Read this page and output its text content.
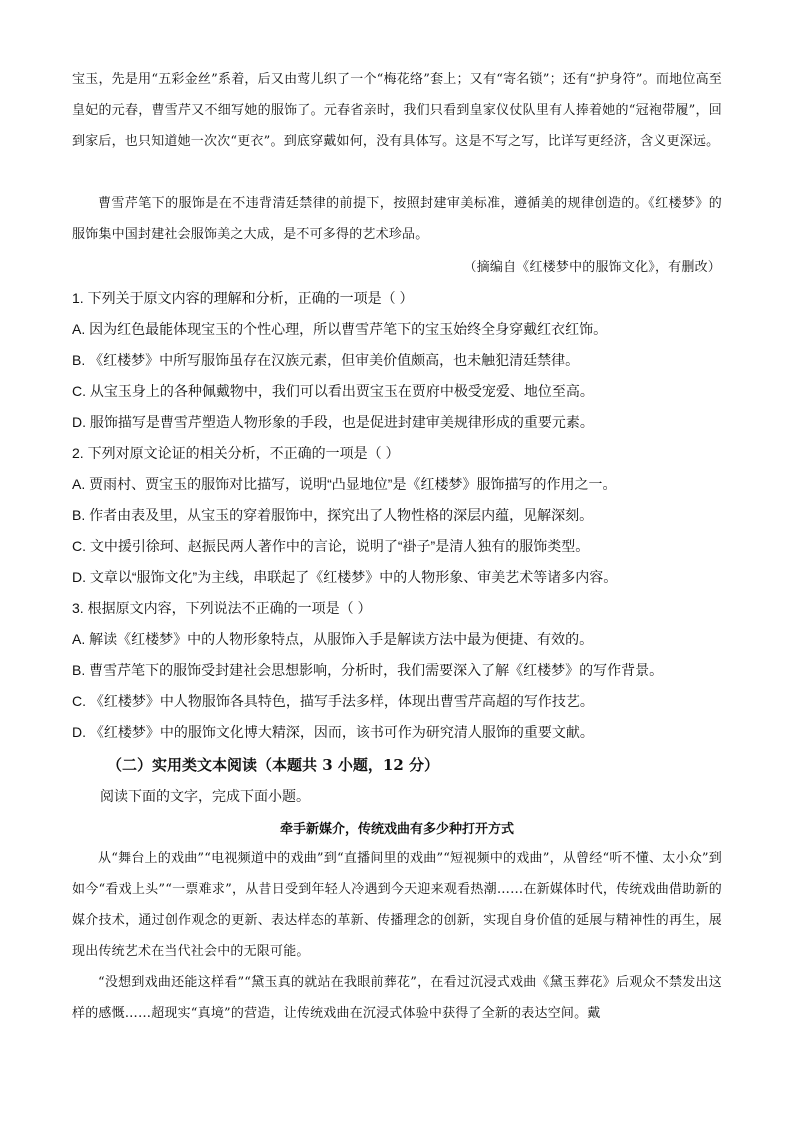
宝玉，先是用“五彩金丝”系着，后又由莺儿织了一个“梅花络”套上；又有“寄名锁”；还有“护身符”。而地位高至皇妃的元春，曹雪芹又不细写她的服饰了。元春省亲时，我们只看到皇家仪仗队里有人捧着她的“冠袍带履”，回到家后，也只知道她一次次“更衣”。到底穿戴如何，没有具体写。这是不写之写，比详写更经济，含义更深远。

曹雪芹笔下的服饰是在不违背清廷禁律的前提下，按照封建审美标准，遵循美的规律创造的。《红楼梦》的服饰集中国封建社会服饰美之大成，是不可多得的艺术珍品。

（摘编自《红楼梦中的服饰文化》，有删改）

1. 下列关于原文内容的理解和分析，正确的一项是（ ）

A. 因为红色最能体现宝玉的个性心理，所以曹雪芹笔下的宝玉始终全身穿戴红衣红饰。

B. 《红楼梦》中所写服饰虽存在汉族元素，但审美价值颇高，也未触犯清廷禁律。

C. 从宝玉身上的各种佩戴物中，我们可以看出贾宝玉在贾府中极受宠爱、地位至高。

D. 服饰描写是曹雪芹塑造人物形象的手段，也是促进封建审美规律形成的重要元素。

2. 下列对原文论证的相关分析，不正确的一项是（ ）

A. 贾雨村、贾宝玉的服饰对比描写，说明“凸显地位”是《红楼梦》服饰描写的作用之一。

B. 作者由表及里，从宝玉的穿着服饰中，探究出了人物性格的深层内蕴，见解深刻。

C. 文中援引徐珂、赵振民两人著作中的言论，说明了“褂子”是清人独有的服饰类型。

D. 文章以“服饰文化”为主线，串联起了《红楼梦》中的人物形象、审美艺术等诸多内容。

3. 根据原文内容，下列说法不正确的一项是（ ）

A. 解读《红楼梦》中的人物形象特点，从服饰入手是解读方法中最为便捷、有效的。

B. 曹雪芹笔下的服饰受封建社会思想影响，分析时，我们需要深入了解《红楼梦》的写作背景。

C. 《红楼梦》中人物服饰各具特色，描写手法多样，体现出曹雪芹高超的写作技艺。

D. 《红楼梦》中的服饰文化博大精深，因而，该书可作为研究清人服饰的重要文献。

（二）实用类文本阅读（本题共 3 小题，12 分）

阅读下面的文字，完成下面小题。

牵手新媒介，传统戏曲有多少种打开方式

从“舞台上的戏曲”“电视频道中的戏曲”到“直播间里的戏曲”“短视频中的戏曲”，从曾经“听不懂、太小众”到如今“看戏上头”“一票难求”，从昔日受到年轻人冷遇到今天迎来观看热潮……在新媒体时代，传统戏曲借助新的媒介技术，通过创作观念的更新、表达样态的革新、传播理念的创新，实现自身价值的延展与精神性的再生，展现出传统艺术在当代社会中的无限可能。

“没想到戏曲还能这样看”“黛玉真的就站在我眼前葬花”，在看过沉浸式戏曲《黛玉葬花》后观众不禁发出这样的感慨……超现实“真境”的营造，让传统戏曲在沉浸式体验中获得了全新的表达空间。戴
